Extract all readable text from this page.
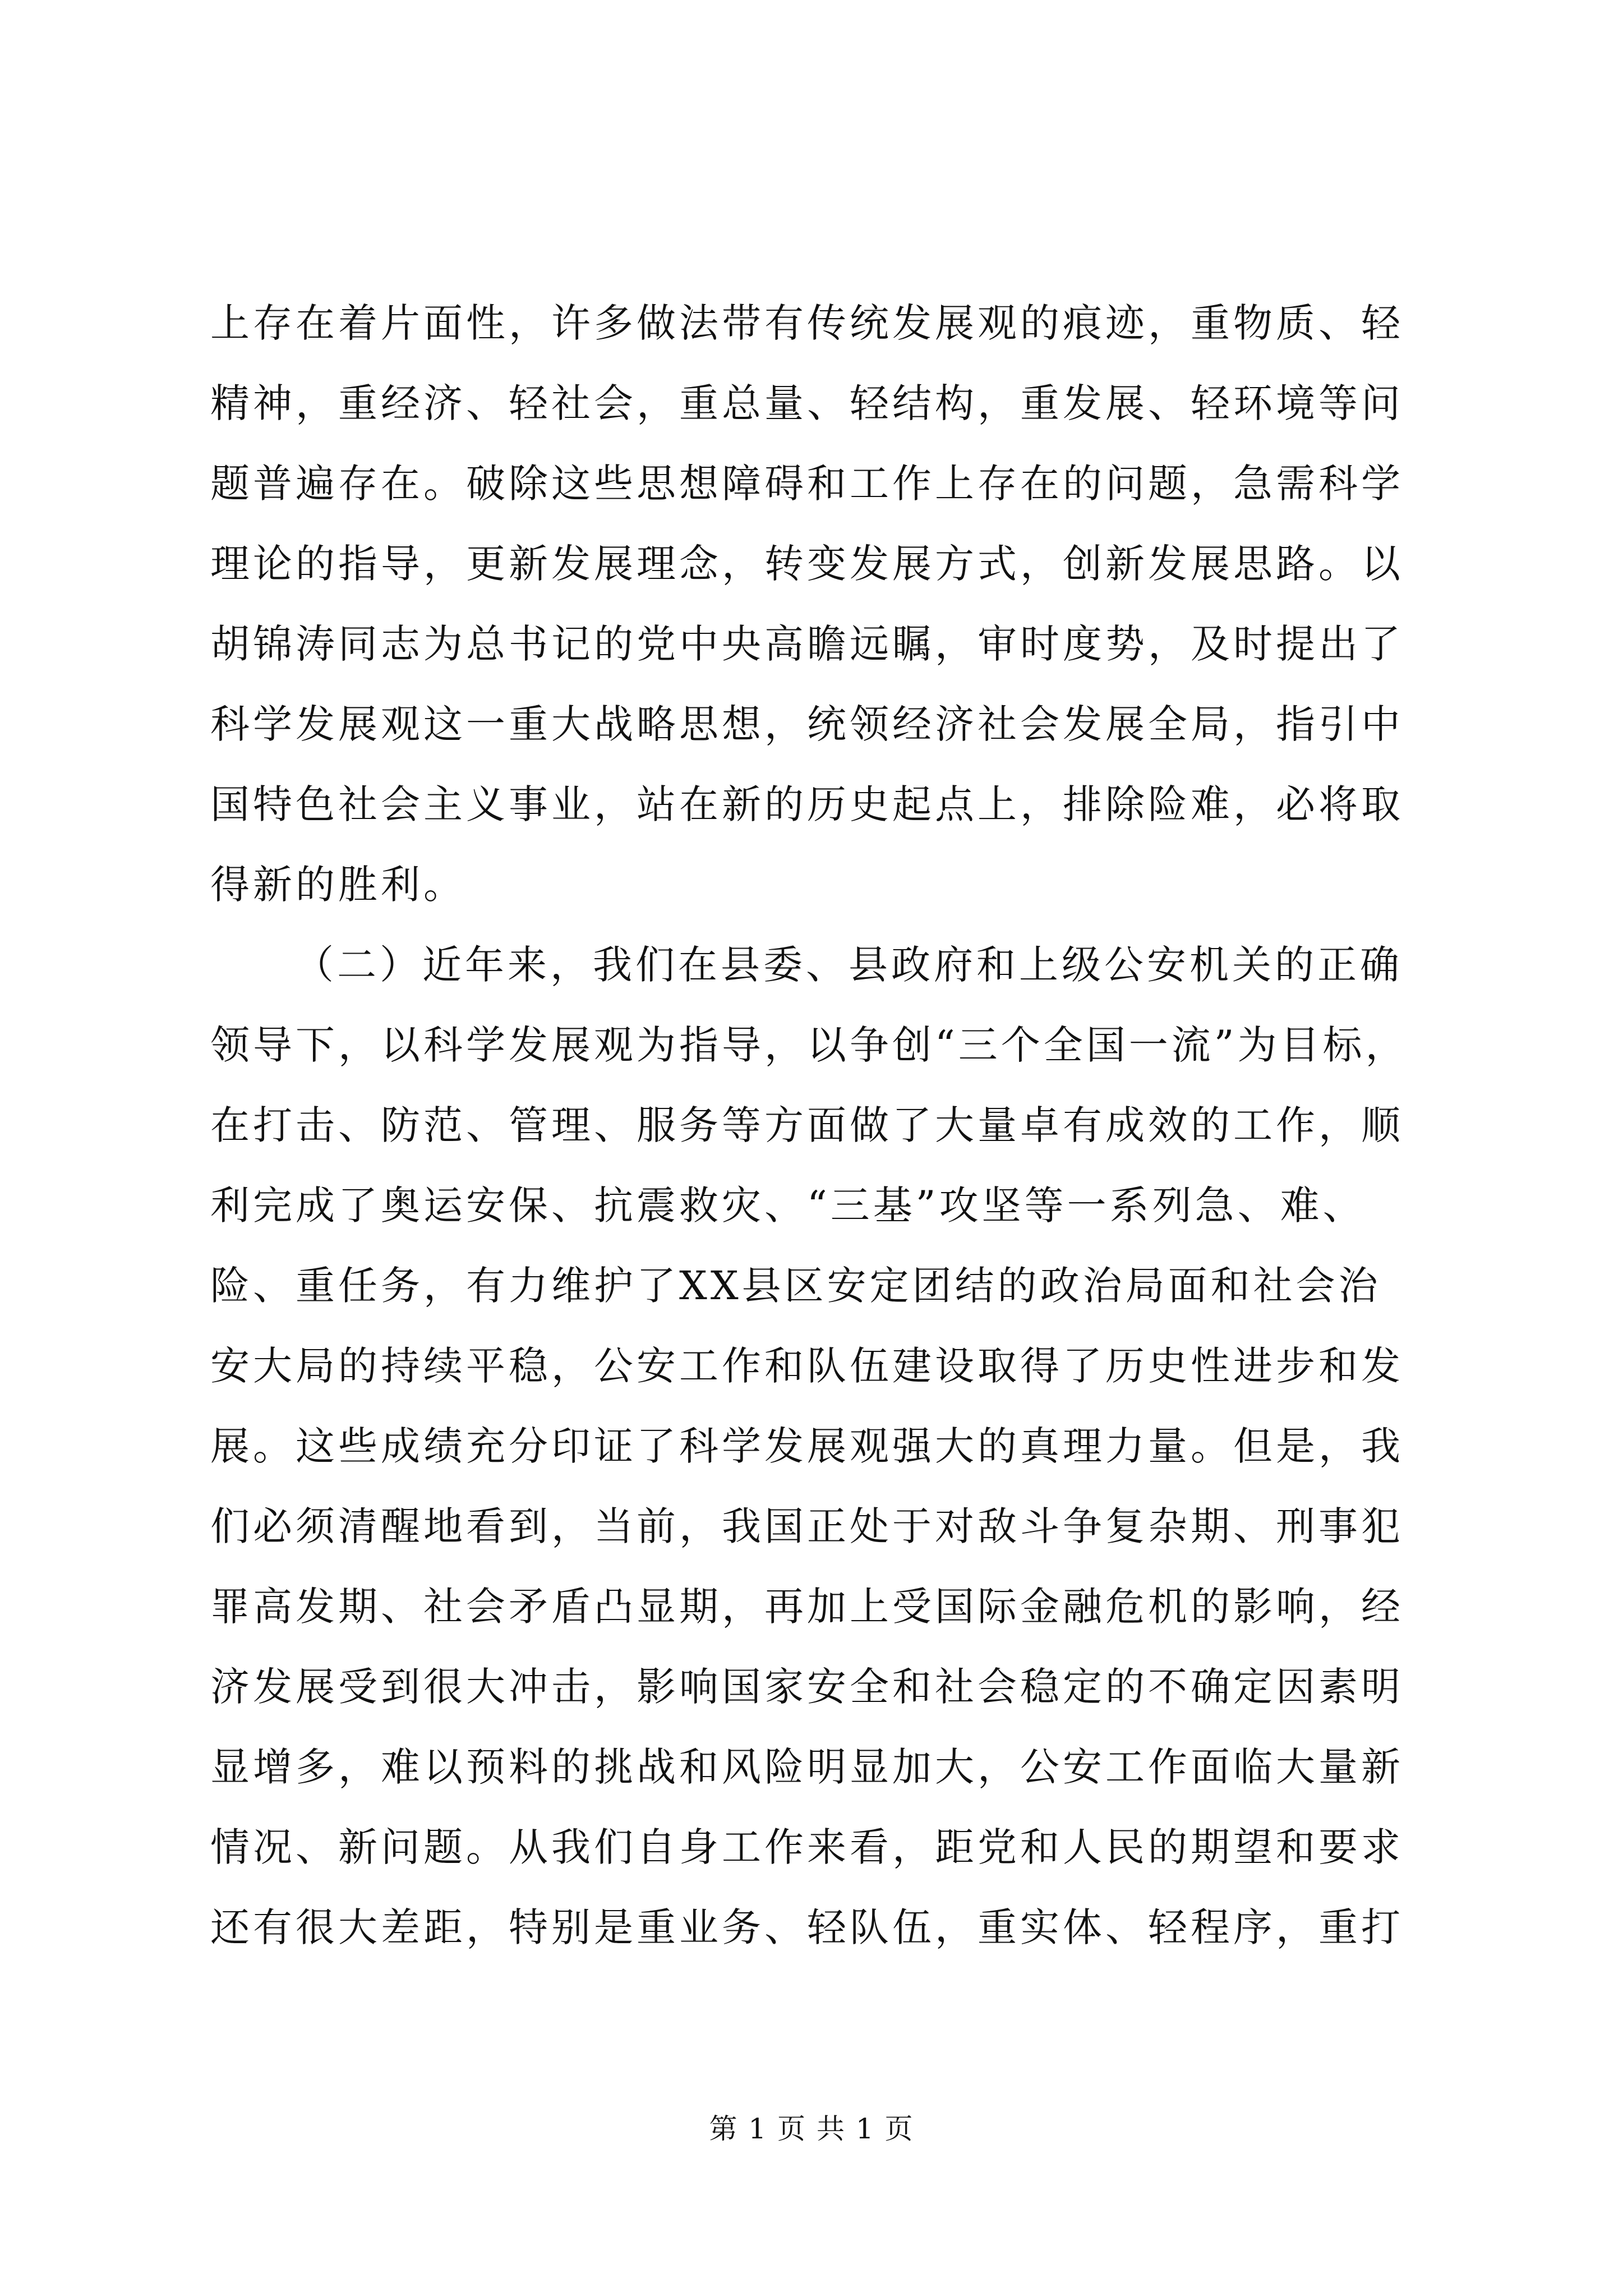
上存在着片面性，许多做法带有传统发展观的痕迹，重物质、轻
精神，重经济、轻社会，重总量、轻结构，重发展、轻环境等问
题普遍存在。破除这些思想障碍和工作上存在的问题，急需科学
理论的指导，更新发展理念，转变发展方式，创新发展思路。以
胡锦涛同志为总书记的党中央高瞻远瞩，审时度势，及时提出了
科学发展观这一重大战略思想，统领经济社会发展全局，指引中
国特色社会主义事业，站在新的历史起点上，排除险难，必将取
得新的胜利。
（二）近年来，我们在县委、县政府和上级公安机关的正确
领导下，以科学发展观为指导，以争创“三个全国一流”为目标，
在打击、防范、管理、服务等方面做了大量卓有成效的工作，顺
利完成了奥运安保、抗震救灾、“三基”攻坚等一系列急、难、
险、重任务，有力维护了XX县区安定团结的政治局面和社会治
安大局的持续平稳，公安工作和队伍建设取得了历史性进步和发
展。这些成绩充分印证了科学发展观强大的真理力量。但是，我
们必须清醒地看到，当前，我国正处于对敌斗争复杂期、刑事犯
罪高发期、社会矛盾凸显期，再加上受国际金融危机的影响，经
济发展受到很大冲击，影响国家安全和社会稳定的不确定因素明
显增多，难以预料的挑战和风险明显加大，公安工作面临大量新
情况、新问题。从我们自身工作来看，距党和人民的期望和要求
还有很大差距，特别是重业务、轻队伍，重实体、轻程序，重打
第 1 页 共 1 页
